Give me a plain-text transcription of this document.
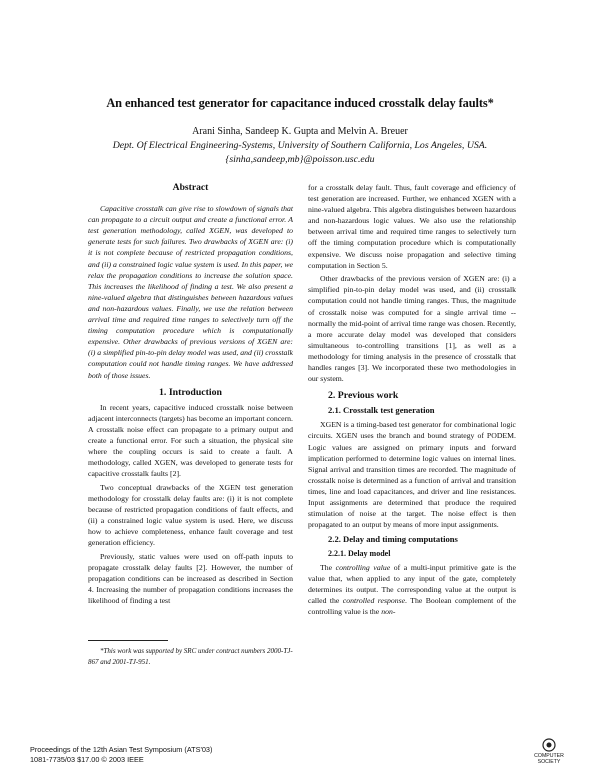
An enhanced test generator for capacitance induced crosstalk delay faults*
Arani Sinha, Sandeep K. Gupta and Melvin A. Breuer
Dept. Of Electrical Engineering-Systems, University of Southern California, Los Angeles, USA.
{sinha,sandeep,mb}@poisson.usc.edu
Abstract

Capacitive crosstalk can give rise to slowdown of signals that can propagate to a circuit output and create a functional error. A test generation methodology, called XGEN, was developed to generate tests for such failures. Two drawbacks of XGEN are: (i) it is not complete because of restricted propagation conditions, and (ii) a constrained logic value system is used. In this paper, we relax the propagation conditions to increase the solution space. This increases the likelihood of finding a test. We also present a nine-valued algebra that distinguishes between hazardous values and non-hazardous values. Finally, we use the relation between arrival time and required time ranges to selectively turn off the timing computation procedure which is computationally expensive. Other drawbacks of previous versions of XGEN are: (i) a simplified pin-to-pin delay model was used, and (ii) crosstalk computation could not handle timing ranges. We have addressed both of those issues.

1. Introduction

In recent years, capacitive induced crosstalk noise between adjacent interconnects (targets) has become an important concern. A crosstalk noise effect can propagate to a primary output and create a functional error. For such a situation, the physical site where the coupling occurs is said to create a fault. A methodology, called XGEN, was developed to generate tests for capacitive crosstalk faults [2].

Two conceptual drawbacks of the XGEN test generation methodology for crosstalk delay faults are: (i) it is not complete because of restricted propagation conditions of fault effects, and (ii) a constrained logic value system is used. Here, we discuss how to achieve completeness, enhance fault coverage and test generation efficiency.

Previously, static values were used on off-path inputs to propagate crosstalk delay faults [2]. However, the number of propagation conditions can be increased as described in Section 4. Increasing the number of propagation conditions increases the likelihood of finding a test

for a crosstalk delay fault. Thus, fault coverage and efficiency of test generation are increased. Further, we enhanced XGEN with a nine-valued algebra. This algebra distinguishes between hazardous and non-hazardous logic values. We also use the relationship between arrival time and required time ranges to selectively turn off the timing computation procedure which is computationally expensive. We discuss noise propagation and selective timing computation in Section 5.

Other drawbacks of the previous version of XGEN are: (i) a simplified pin-to-pin delay model was used, and (ii) crosstalk computation could not handle timing ranges. Thus, the magnitude of crosstalk noise was computed for a single arrival time -- normally the mid-point of arrival time range was chosen. Recently, a more accurate delay model was developed that considers simultaneous to-controlling transitions [1], as well as a methodology for timing analysis in the presence of crosstalk that handles ranges [3]. We incorporated these two methodologies in our system.

2. Previous work
2.1. Crosstalk test generation

XGEN is a timing-based test generator for combinational logic circuits. XGEN uses the branch and bound strategy of PODEM. Logic values are assigned on primary inputs and forward implication performed to determine logic values on internal lines. Signal arrival and transition times are recorded. The magnitude of crosstalk noise is determined as a function of arrival and transition times, line and load capacitances, and driver and line resistances. Input assignments are determined that produce the required stimulation of noise at the target. The noise effect is then propagated to an output by means of more input assignments.

2.2. Delay and timing computations
2.2.1. Delay model

The controlling value of a multi-input primitive gate is the value that, when applied to any input of the gate, completely determines its output. The corresponding value at the output is called the controlled response. The Boolean complement of the controlling value is the non-

*This work was supported by SRC under contract numbers 2000-TJ-867 and 2001-TJ-951.
Proceedings of the 12th Asian Test Symposium (ATS'03)
1081-7735/03 $17.00 © 2003 IEEE	COMPUTER
SOCIETY
